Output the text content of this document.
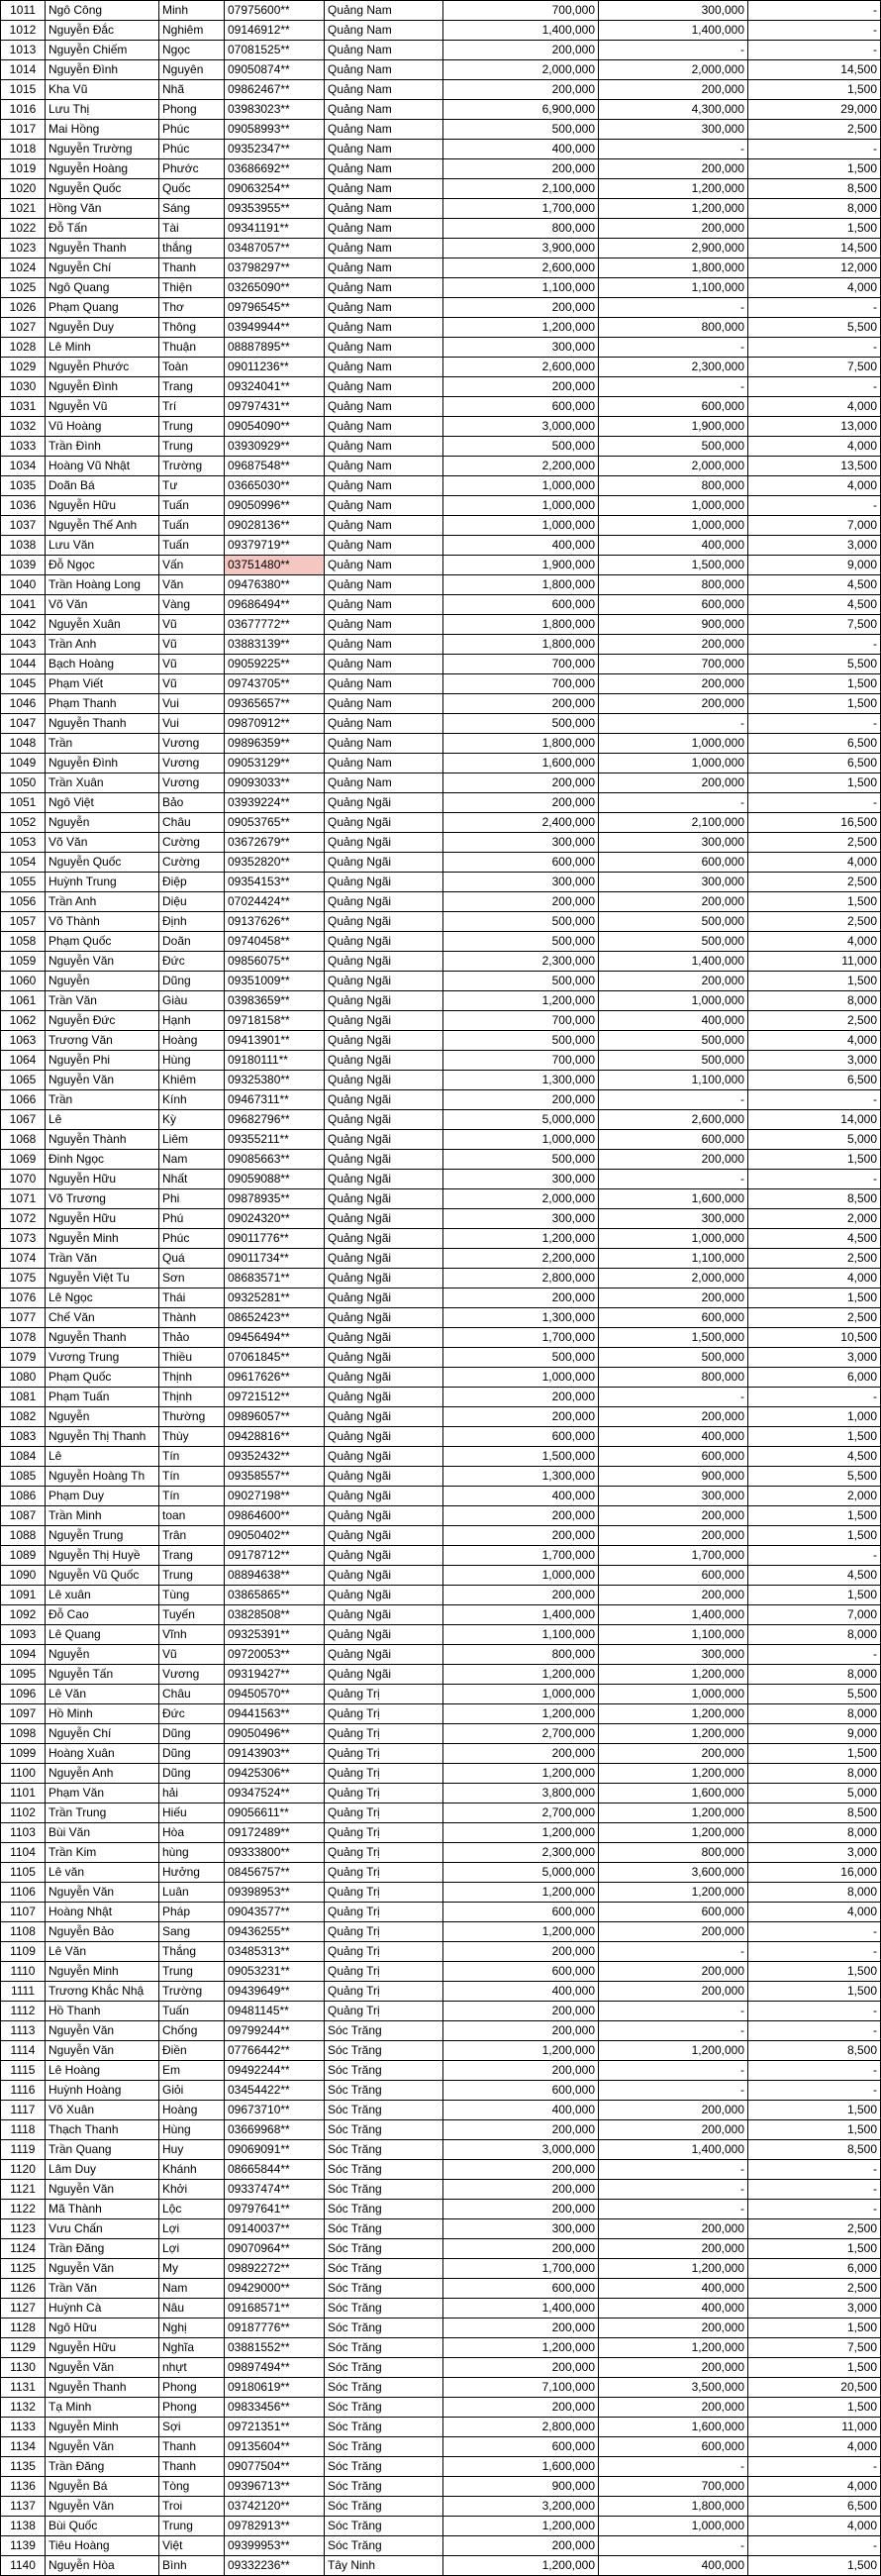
1011	Ngô Công	Minh	07975600**	Quảng Nam	700,000	300,000	-
1012	Nguyễn Đắc	Nghiêm	09146912**	Quảng Nam	1,400,000	1,400,000	-
1013	Nguyễn Chiếm	Ngọc	07081525**	Quảng Nam	200,000	-	-
1014	Nguyễn Đình	Nguyên	09050874**	Quảng Nam	2,000,000	2,000,000	14,500
1015	Kha Vũ	Nhã	09862467**	Quảng Nam	200,000	200,000	1,500
1016	Lưu Thị	Phong	03983023**	Quảng Nam	6,900,000	4,300,000	29,000
1017	Mai Hồng	Phúc	09058993**	Quảng Nam	500,000	300,000	2,500
1018	Nguyễn Trường	Phúc	09352347**	Quảng Nam	400,000	-	-
1019	Nguyễn Hoàng	Phước	03686692**	Quảng Nam	200,000	200,000	1,500
1020	Nguyễn Quốc	Quốc	09063254**	Quảng Nam	2,100,000	1,200,000	8,500
1021	Hồng Văn	Sáng	09353955**	Quảng Nam	1,700,000	1,200,000	8,000
1022	Đỗ Tấn	Tài	09341191**	Quảng Nam	800,000	200,000	1,500
1023	Nguyễn Thanh	thắng	03487057**	Quảng Nam	3,900,000	2,900,000	14,500
1024	Nguyễn Chí	Thanh	03798297**	Quảng Nam	2,600,000	1,800,000	12,000
1025	Ngô Quang	Thiện	03265090**	Quảng Nam	1,100,000	1,100,000	4,000
1026	Phạm Quang	Thơ	09796545**	Quảng Nam	200,000	-	-
1027	Nguyễn Duy	Thông	03949944**	Quảng Nam	1,200,000	800,000	5,500
1028	Lê Minh	Thuận	08887895**	Quảng Nam	300,000	-	-
1029	Nguyễn Phước	Toàn	09011236**	Quảng Nam	2,600,000	2,300,000	7,500
1030	Nguyễn Đình	Trang	09324041**	Quảng Nam	200,000	-	-
1031	Nguyễn Vũ	Trí	09797431**	Quảng Nam	600,000	600,000	4,000
1032	Vũ Hoàng	Trung	09054090**	Quảng Nam	3,000,000	1,900,000	13,000
1033	Trần Đình	Trung	03930929**	Quảng Nam	500,000	500,000	4,000
1034	Hoàng Vũ Nhật	Trường	09687548**	Quảng Nam	2,200,000	2,000,000	13,500
1035	Doãn Bá	Tư	03665030**	Quảng Nam	1,000,000	800,000	4,000
1036	Nguyễn Hữu	Tuấn	09050996**	Quảng Nam	1,000,000	1,000,000	-
1037	Nguyễn Thế Anh	Tuấn	09028136**	Quảng Nam	1,000,000	1,000,000	7,000
1038	Lưu Văn	Tuấn	09379719**	Quảng Nam	400,000	400,000	3,000
1039	Đỗ Ngọc	Vấn	03751480**	Quảng Nam	1,900,000	1,500,000	9,000
1040	Trần Hoàng Long	Văn	09476380**	Quảng Nam	1,800,000	800,000	4,500
1041	Võ Văn	Vàng	09686494**	Quảng Nam	600,000	600,000	4,500
1042	Nguyễn Xuân	Vũ	03677772**	Quảng Nam	1,800,000	900,000	7,500
1043	Trần Anh	Vũ	03883139**	Quảng Nam	1,800,000	200,000	-
1044	Bạch Hoàng	Vũ	09059225**	Quảng Nam	700,000	700,000	5,500
1045	Phạm Viết	Vũ	09743705**	Quảng Nam	700,000	200,000	1,500
1046	Phạm Thanh	Vui	09365657**	Quảng Nam	200,000	200,000	1,500
1047	Nguyễn Thanh	Vui	09870912**	Quảng Nam	500,000	-	-
1048	Trần	Vương	09896359**	Quảng Nam	1,800,000	1,000,000	6,500
1049	Nguyễn Đình	Vương	09053129**	Quảng Nam	1,600,000	1,000,000	6,500
1050	Trần Xuân	Vương	09093033**	Quảng Nam	200,000	200,000	1,500
1051	Ngô Việt	Bảo	03939224**	Quảng Ngãi	200,000	-	-
1052	Nguyễn	Châu	09053765**	Quảng Ngãi	2,400,000	2,100,000	16,500
1053	Võ Văn	Cường	03672679**	Quảng Ngãi	300,000	300,000	2,500
1054	Nguyễn Quốc	Cường	09352820**	Quảng Ngãi	600,000	600,000	4,000
1055	Huỳnh Trung	Điệp	09354153**	Quảng Ngãi	300,000	300,000	2,500
1056	Trần Anh	Diệu	07024424**	Quảng Ngãi	200,000	200,000	1,500
1057	Võ Thành	Định	09137626**	Quảng Ngãi	500,000	500,000	2,500
1058	Phạm Quốc	Doãn	09740458**	Quảng Ngãi	500,000	500,000	4,000
1059	Nguyễn Văn	Đức	09856075**	Quảng Ngãi	2,300,000	1,400,000	11,000
1060	Nguyễn	Dũng	09351009**	Quảng Ngãi	500,000	200,000	1,500
1061	Trần Văn	Giàu	03983659**	Quảng Ngãi	1,200,000	1,000,000	8,000
1062	Nguyễn Đức	Hạnh	09718158**	Quảng Ngãi	700,000	400,000	2,500
1063	Trương Văn	Hoàng	09413901**	Quảng Ngãi	500,000	500,000	4,000
1064	Nguyễn Phi	Hùng	09180111**	Quảng Ngãi	700,000	500,000	3,000
1065	Nguyễn Văn	Khiêm	09325380**	Quảng Ngãi	1,300,000	1,100,000	6,500
1066	Trần	Kính	09467311**	Quảng Ngãi	200,000	-	-
1067	Lê	Kỳ	09682796**	Quảng Ngãi	5,000,000	2,600,000	14,000
1068	Nguyễn Thành	Liêm	09355211**	Quảng Ngãi	1,000,000	600,000	5,000
1069	Đinh Ngọc	Nam	09085663**	Quảng Ngãi	500,000	200,000	1,500
1070	Nguyễn Hữu	Nhất	09059088**	Quảng Ngãi	300,000	-	-
1071	Võ Trương	Phi	09878935**	Quảng Ngãi	2,000,000	1,600,000	8,500
1072	Nguyễn Hữu	Phú	09024320**	Quảng Ngãi	300,000	300,000	2,000
1073	Nguyễn Minh	Phúc	09011776**	Quảng Ngãi	1,200,000	1,000,000	4,500
1074	Trần Văn	Quá	09011734**	Quảng Ngãi	2,200,000	1,100,000	2,500
1075	Nguyễn Việt Tu	Sơn	08683571**	Quảng Ngãi	2,800,000	2,000,000	4,000
1076	Lê Ngọc	Thái	09325281**	Quảng Ngãi	200,000	200,000	1,500
1077	Chế Văn	Thành	08652423**	Quảng Ngãi	1,300,000	600,000	2,500
1078	Nguyễn Thanh	Thảo	09456494**	Quảng Ngãi	1,700,000	1,500,000	10,500
1079	Vương Trung	Thiều	07061845**	Quảng Ngãi	500,000	500,000	3,000
1080	Phạm Quốc	Thịnh	09617626**	Quảng Ngãi	1,000,000	800,000	6,000
1081	Phạm Tuấn	Thịnh	09721512**	Quảng Ngãi	200,000	-	-
1082	Nguyễn	Thường	09896057**	Quảng Ngãi	200,000	200,000	1,000
1083	Nguyễn Thị Thanh	Thùy	09428816**	Quảng Ngãi	600,000	400,000	1,500
1084	Lê	Tín	09352432**	Quảng Ngãi	1,500,000	600,000	4,500
1085	Nguyễn Hoàng Th	Tín	09358557**	Quảng Ngãi	1,300,000	900,000	5,500
1086	Phạm Duy	Tín	09027198**	Quảng Ngãi	400,000	300,000	2,000
1087	Trần Minh	toan	09864600**	Quảng Ngãi	200,000	200,000	1,500
1088	Nguyễn Trung	Trân	09050402**	Quảng Ngãi	200,000	200,000	1,500
1089	Nguyễn Thị Huyề	Trang	09178712**	Quảng Ngãi	1,700,000	1,700,000	-
1090	Nguyễn Vũ Quốc	Trung	08894638**	Quảng Ngãi	1,000,000	600,000	4,500
1091	Lê xuân	Tùng	03865865**	Quảng Ngãi	200,000	200,000	1,500
1092	Đỗ Cao	Tuyến	03828508**	Quảng Ngãi	1,400,000	1,400,000	7,000
1093	Lê Quang	Vĩnh	09325391**	Quảng Ngãi	1,100,000	1,100,000	8,000
1094	Nguyễn	Vũ	09720053**	Quảng Ngãi	800,000	300,000	-
1095	Nguyễn Tấn	Vương	09319427**	Quảng Ngãi	1,200,000	1,200,000	8,000
1096	Lê Văn	Châu	09450570**	Quảng Trị	1,000,000	1,000,000	5,500
1097	Hồ Minh	Đức	09441563**	Quảng Trị	1,200,000	1,200,000	8,000
1098	Nguyễn Chí	Dũng	09050496**	Quảng Trị	2,700,000	1,200,000	9,000
1099	Hoàng Xuân	Dũng	09143903**	Quảng Trị	200,000	200,000	1,500
1100	Nguyễn Anh	Dũng	09425306**	Quảng Trị	1,200,000	1,200,000	8,000
1101	Phạm Văn	hải	09347524**	Quảng Trị	3,800,000	1,600,000	5,000
1102	Trần Trung	Hiếu	09056611**	Quảng Trị	2,700,000	1,200,000	8,500
1103	Bùi Văn	Hòa	09172489**	Quảng Trị	1,200,000	1,200,000	8,000
1104	Trần Kim	hùng	09333800**	Quảng Trị	2,300,000	800,000	3,000
1105	Lê văn	Hưởng	08456757**	Quảng Trị	5,000,000	3,600,000	16,000
1106	Nguyễn Văn	Luân	09398953**	Quảng Trị	1,200,000	1,200,000	8,000
1107	Hoàng Nhật	Pháp	09043577**	Quảng Trị	600,000	600,000	4,000
1108	Nguyễn Bảo	Sang	09436255**	Quảng Trị	1,200,000	200,000	-
1109	Lê Văn	Thắng	03485313**	Quảng Trị	200,000	-	-
1110	Nguyễn Minh	Trung	09053231**	Quảng Trị	600,000	200,000	1,500
1111	Trương Khắc Nhậ	Trường	09439649**	Quảng Trị	400,000	200,000	1,500
1112	Hồ Thanh	Tuấn	09481145**	Quảng Trị	200,000	-	-
1113	Nguyễn Văn	Chống	09799244**	Sóc Trăng	200,000	-	-
1114	Nguyễn Văn	Điền	07766442**	Sóc Trăng	1,200,000	1,200,000	8,500
1115	Lê Hoàng	Em	09492244**	Sóc Trăng	200,000	-	-
1116	Huỳnh Hoàng	Giỏi	03454422**	Sóc Trăng	600,000	-	-
1117	Võ Xuân	Hoàng	09673710**	Sóc Trăng	400,000	200,000	1,500
1118	Thạch Thanh	Hùng	03669968**	Sóc Trăng	200,000	200,000	1,500
1119	Trần Quang	Huy	09069091**	Sóc Trăng	3,000,000	1,400,000	8,500
1120	Lâm Duy	Khánh	08665844**	Sóc Trăng	200,000	-	-
1121	Nguyễn Văn	Khởi	09337474**	Sóc Trăng	200,000	-	-
1122	Mã Thành	Lộc	09797641**	Sóc Trăng	200,000	-	-
1123	Vưu Chấn	Lợi	09140037**	Sóc Trăng	300,000	200,000	2,500
1124	Trần Đăng	Lợi	09070964**	Sóc Trăng	200,000	200,000	1,500
1125	Nguyễn Văn	My	09892272**	Sóc Trăng	1,700,000	1,200,000	6,000
1126	Trần Văn	Nam	09429000**	Sóc Trăng	600,000	400,000	2,500
1127	Huỳnh Cà	Nâu	09168571**	Sóc Trăng	1,400,000	400,000	3,000
1128	Ngô Hữu	Nghị	09187776**	Sóc Trăng	200,000	200,000	1,500
1129	Nguyễn Hữu	Nghĩa	03881552**	Sóc Trăng	1,200,000	1,200,000	7,500
1130	Nguyễn Văn	nhựt	09897494**	Sóc Trăng	200,000	200,000	1,500
1131	Nguyễn Thanh	Phong	09180619**	Sóc Trăng	7,100,000	3,500,000	20,500
1132	Tạ Minh	Phong	09833456**	Sóc Trăng	200,000	200,000	1,500
1133	Nguyễn Minh	Sợi	09721351**	Sóc Trăng	2,800,000	1,600,000	11,000
1134	Nguyễn Văn	Thanh	09135604**	Sóc Trăng	600,000	600,000	4,000
1135	Trần Đăng	Thanh	09077504**	Sóc Trăng	1,600,000	-	-
1136	Nguyễn Bá	Tòng	09396713**	Sóc Trăng	900,000	700,000	4,000
1137	Nguyễn Văn	Troi	03742120**	Sóc Trăng	3,200,000	1,800,000	6,500
1138	Bùi Quốc	Trung	09782913**	Sóc Trăng	1,200,000	1,000,000	4,000
1139	Tiêu Hoàng	Việt	09399953**	Sóc Trăng	200,000	-	-
1140	Nguyễn Hòa	Bình	09332236**	Tây Ninh	1,200,000	400,000	1,500
